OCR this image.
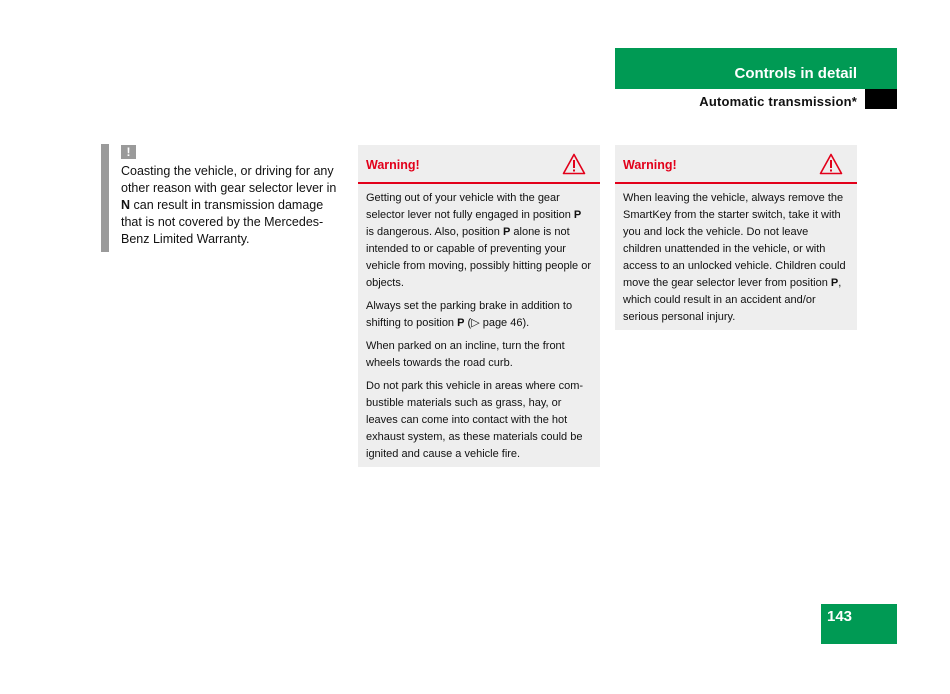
Controls in detail
Automatic transmission*
!

Coasting the vehicle, or driving for any other reason with gear selector lever in N can result in transmission damage that is not covered by the Mercedes-Benz Limited Warranty.

Warning!

Getting out of your vehicle with the gear selector lever not fully engaged in position P is dangerous. Also, position P alone is not intended to or capable of preventing your vehicle from moving, possibly hitting people or objects.

Always set the parking brake in addition to shifting to position P (▷ page 46).

When parked on an incline, turn the front wheels towards the road curb.

Do not park this vehicle in areas where com-bustible materials such as grass, hay, or leaves can come into contact with the hot exhaust system, as these materials could be ignited and cause a vehicle fire.

Warning!

When leaving the vehicle, always remove the SmartKey from the starter switch, take it with you and lock the vehicle. Do not leave children unattended in the vehicle, or with access to an unlocked vehicle. Children could move the gear selector lever from position P, which could result in an accident and/or serious personal injury.

143
